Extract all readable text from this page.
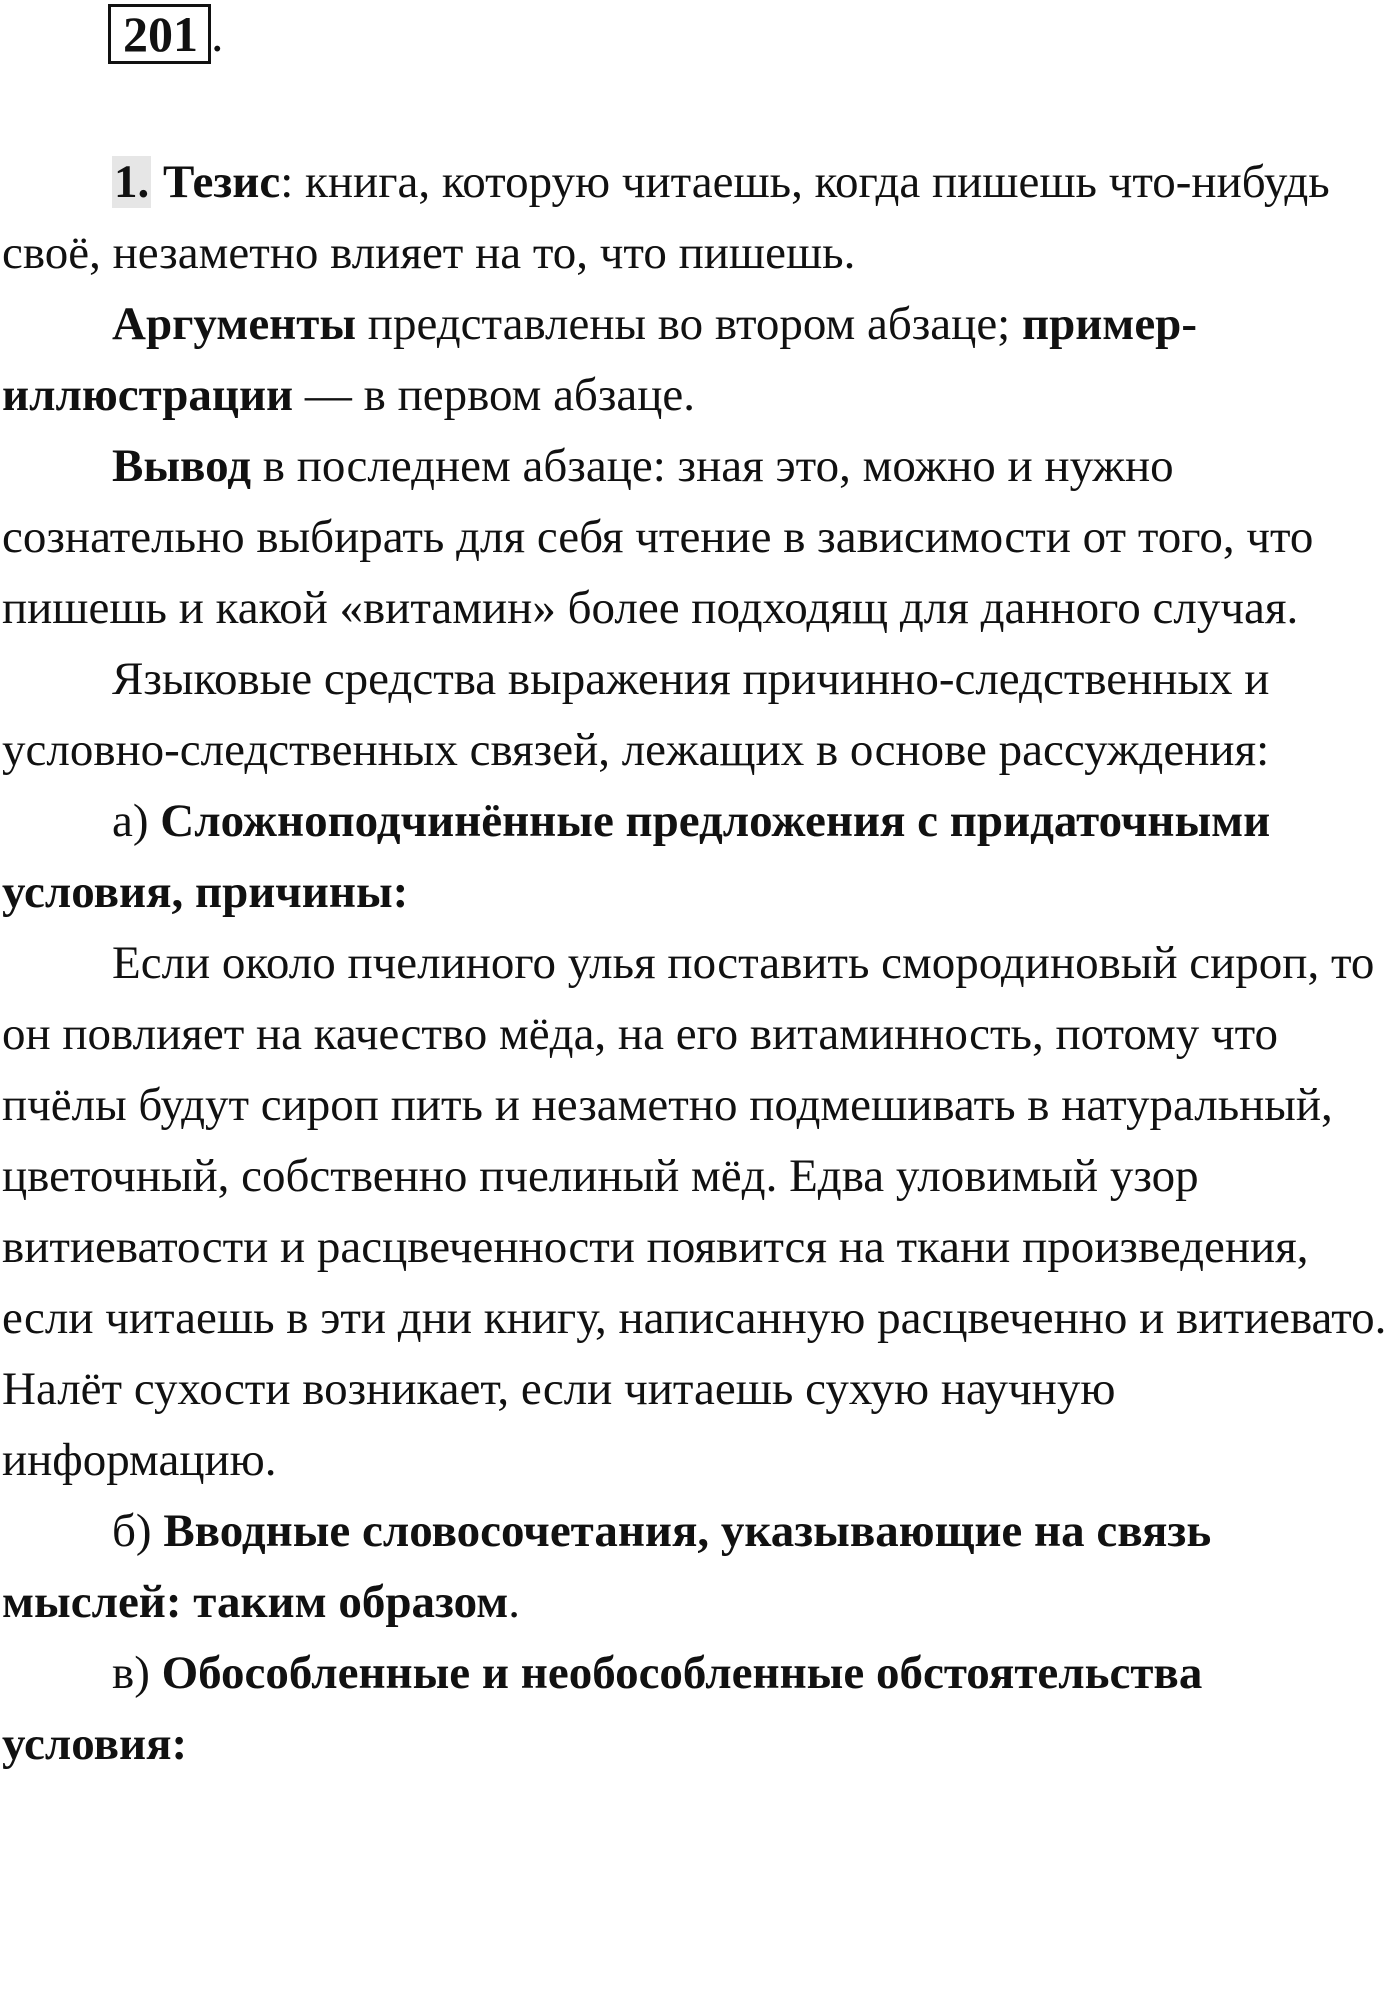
201 .

1. Тезис: книга, которую читаешь, когда пишешь что-нибудь своё, незаметно влияет на то, что пишешь.

Аргументы представлены во втором абзаце; пример-иллюстрации — в первом абзаце.

Вывод в последнем абзаце: зная это, можно и нужно сознательно выбирать для себя чтение в зависимости от того, что пишешь и какой «витамин» более подходящ для данного случая.

Языковые средства выражения причинно-следственных и условно-следственных связей, лежащих в основе рассуждения:

а) Сложноподчинённые предложения с придаточными условия, причины:

Если около пчелиного улья поставить смородиновый сироп, то он повлияет на качество мёда, на его витаминность, потому что пчёлы будут сироп пить и незаметно подмешивать в натуральный, цветочный, собственно пчелиный мёд. Едва уловимый узор витиеватости и расцвеченности появится на ткани произведения, если читаешь в эти дни книгу, написанную расцвеченно и витиевато. Налёт сухости возникает, если читаешь сухую научную информацию.

б) Вводные словосочетания, указывающие на связь мыслей: таким образом.

в) Обособленные и необособленные обстоятельства условия:
